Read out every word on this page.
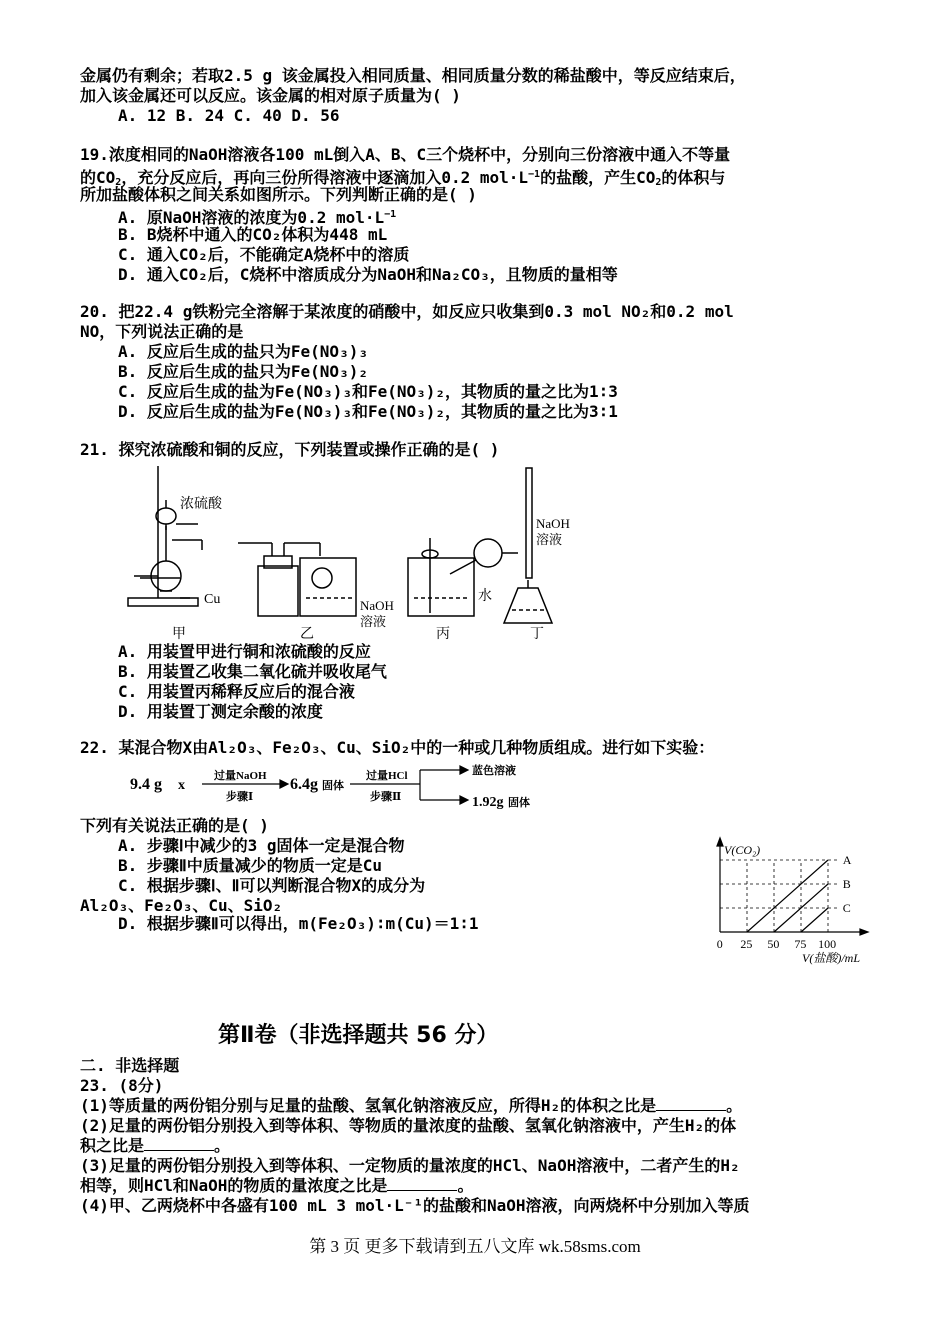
金属仍有剩余；若取2.5 g 该金属投入相同质量、相同质量分数的稀盐酸中，等反应结束后，
加入该金属还可以反应。该金属的相对原子质量为( )
A. 12 B. 24 C. 40 D. 56
19.浓度相同的NaOH溶液各100 mL倒入A、B、C三个烧杯中，分别向三份溶液中通入不等量
的$CO_2$，充分反应后，再向三份所得溶液中逐滴加入0.2 $mol\cdot L^{-1}$的盐酸，产生$CO_2$的体积与
所加盐酸体积之间关系如图所示。下列判断正确的是( )
A. 原NaOH溶液的浓度为0.2 $mol\cdot L^{-1}$
B. B烧杯中通入的CO₂体积为448 mL
C. 通入CO₂后，不能确定A烧杯中的溶质
D. 通入CO₂后，C烧杯中溶质成分为NaOH和Na₂CO₃，且物质的量相等
20. 把22.4 g铁粉完全溶解于某浓度的硝酸中，如反应只收集到0.3 mol NO₂和0.2 mol
NO，下列说法正确的是
A. 反应后生成的盐只为Fe(NO₃)₃
B. 反应后生成的盐只为Fe(NO₃)₂
C. 反应后生成的盐为Fe(NO₃)₃和Fe(NO₃)₂，其物质的量之比为1∶3
D. 反应后生成的盐为Fe(NO₃)₃和Fe(NO₃)₂，其物质的量之比为3∶1
21. 探究浓硫酸和铜的反应，下列装置或操作正确的是( )
浓硫酸
Cu	NaOH
溶液
水
NaOH
溶液
甲	乙	丙	丁
A. 用装置甲进行铜和浓硫酸的反应
B. 用装置乙收集二氧化硫并吸收尾气
C. 用装置丙稀释反应后的混合液
D. 用装置丁测定余酸的浓度
22. 某混合物X由Al₂O₃、Fe₂O₃、Cu、SiO₂中的一种或几种物质组成。进行如下实验：
9.4 g x
过量NaOH
步骤Ⅰ
6.4g 固体
过量HCl
步骤Ⅱ
蓝色溶液
1.92g 固体
下列有关说法正确的是( )
A. 步骤Ⅰ中减少的3 g固体一定是混合物
B. 步骤Ⅱ中质量减少的物质一定是Cu
C. 根据步骤Ⅰ、Ⅱ可以判断混合物X的成分为
Al₂O₃、Fe₂O₃、Cu、SiO₂
D. 根据步骤Ⅱ可以得出，m(Fe₂O₃)∶m(Cu)＝1∶1
0 25 50 75 100
A
B
C
V(CO₂)
V(盐酸)/mL
第Ⅱ卷（非选择题共 56 分）
二. 非选择题
23. (8分)
(1)等质量的两份铝分别与足量的盐酸、氢氧化钠溶液反应，所得H₂的体积之比是	。
(2)足量的两份铝分别投入到等体积、等物质的量浓度的盐酸、氢氧化钠溶液中，产生H₂的体
积之比是	。
(3)足量的两份铝分别投入到等体积、一定物质的量浓度的HCl、NaOH溶液中，二者产生的H₂
相等，则HCl和NaOH的物质的量浓度之比是	。
(4)甲、乙两烧杯中各盛有100 mL 3 mol·L⁻¹的盐酸和NaOH溶液，向两烧杯中分别加入等质
第 3 页 更多下载请到五八文库 wk.58sms.com
